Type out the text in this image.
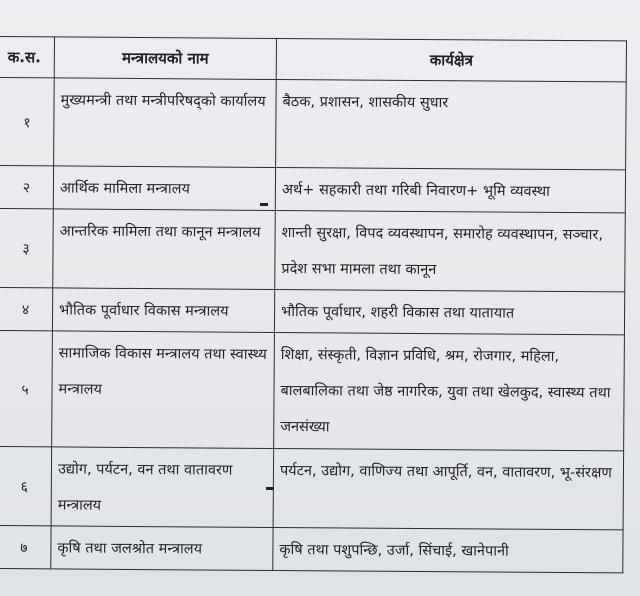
क.स.	मन्त्रालयको नाम	कार्यक्षेत्र
१	मुख्यमन्त्री तथा मन्त्रीपरिषद्को कार्यालय	बैठक, प्रशासन, शासकीय सुधार
२	आर्थिक मामिला मन्त्रालय	अर्थ+ सहकारी तथा गरिबी निवारण+ भूमि व्यवस्था
३	आन्तरिक मामिला तथा कानून मन्त्रालय	शान्ती सुरक्षा, विपद व्यवस्थापन, समारोह व्यवस्थापन, सञ्चार, प्रदेश सभा मामला तथा कानून
४	भौतिक पूर्वाधार विकास मन्त्रालय	भौतिक पूर्वाधार, शहरी विकास तथा यातायात
५	सामाजिक विकास मन्त्रालय तथा स्वास्थ्य मन्त्रालय	शिक्षा, संस्कृती, विज्ञान प्रविधि, श्रम, रोजगार, महिला, बालबालिका तथा जेष्ठ नागरिक, युवा तथा खेलकुद, स्वास्थ्य तथा जनसंख्या
६	उद्योग, पर्यटन, वन तथा वातावरण मन्त्रालय	पर्यटन, उद्योग, वाणिज्य तथा आपूर्ति, वन, वातावरण, भू-संरक्षण
७	कृषि तथा जलश्रोत मन्त्रालय	कृषि तथा पशुपन्छि, उर्जा, सिंचाई, खानेपानी
